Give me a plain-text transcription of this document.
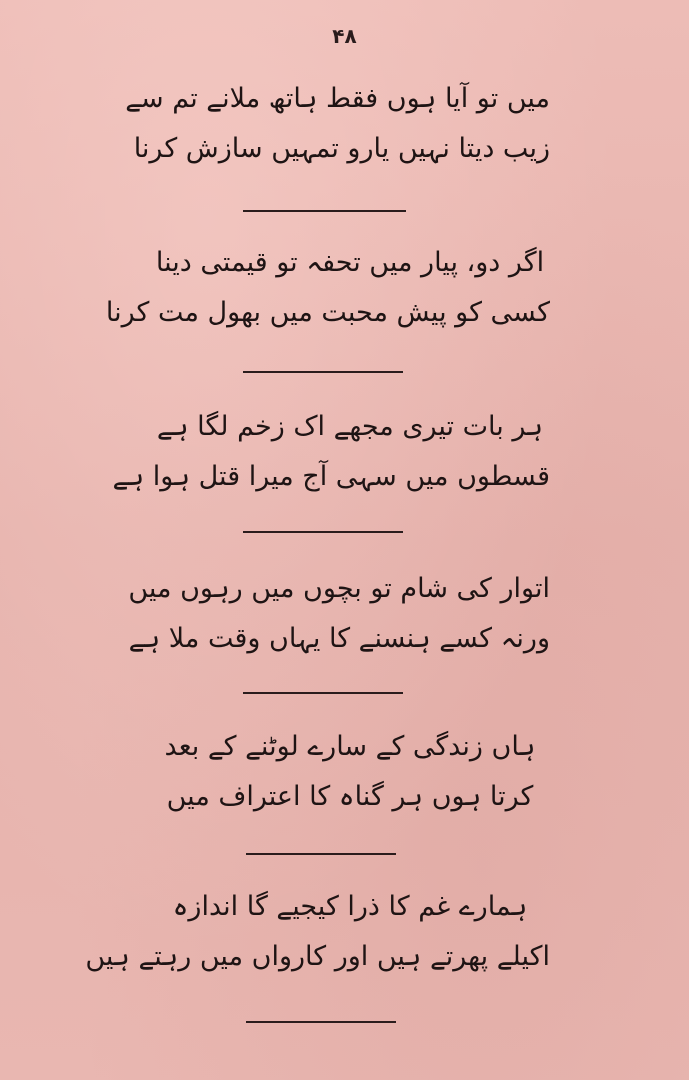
۴۸
میں تو آیا ہوں فقط ہاتھ ملانے تم سے
زیب دیتا نہیں یارو تمہیں سازش کرنا
اگر دو، پیار میں تحفہ تو قیمتی دینا
کسی کو پیش محبت میں بھول مت کرنا
ہر بات تیری مجھے اک زخم لگا ہے
قسطوں میں سہی آج میرا قتل ہوا ہے
اتوار کی شام تو بچوں میں رہوں میں
ورنہ کسے ہنسنے کا یہاں وقت ملا ہے
ہاں زندگی کے سارے لوٹنے کے بعد
کرتا ہوں ہر گناہ کا اعتراف میں
ہمارے غم کا ذرا کیجیے گا اندازہ
اکیلے پھرتے ہیں اور کارواں میں رہتے ہیں
